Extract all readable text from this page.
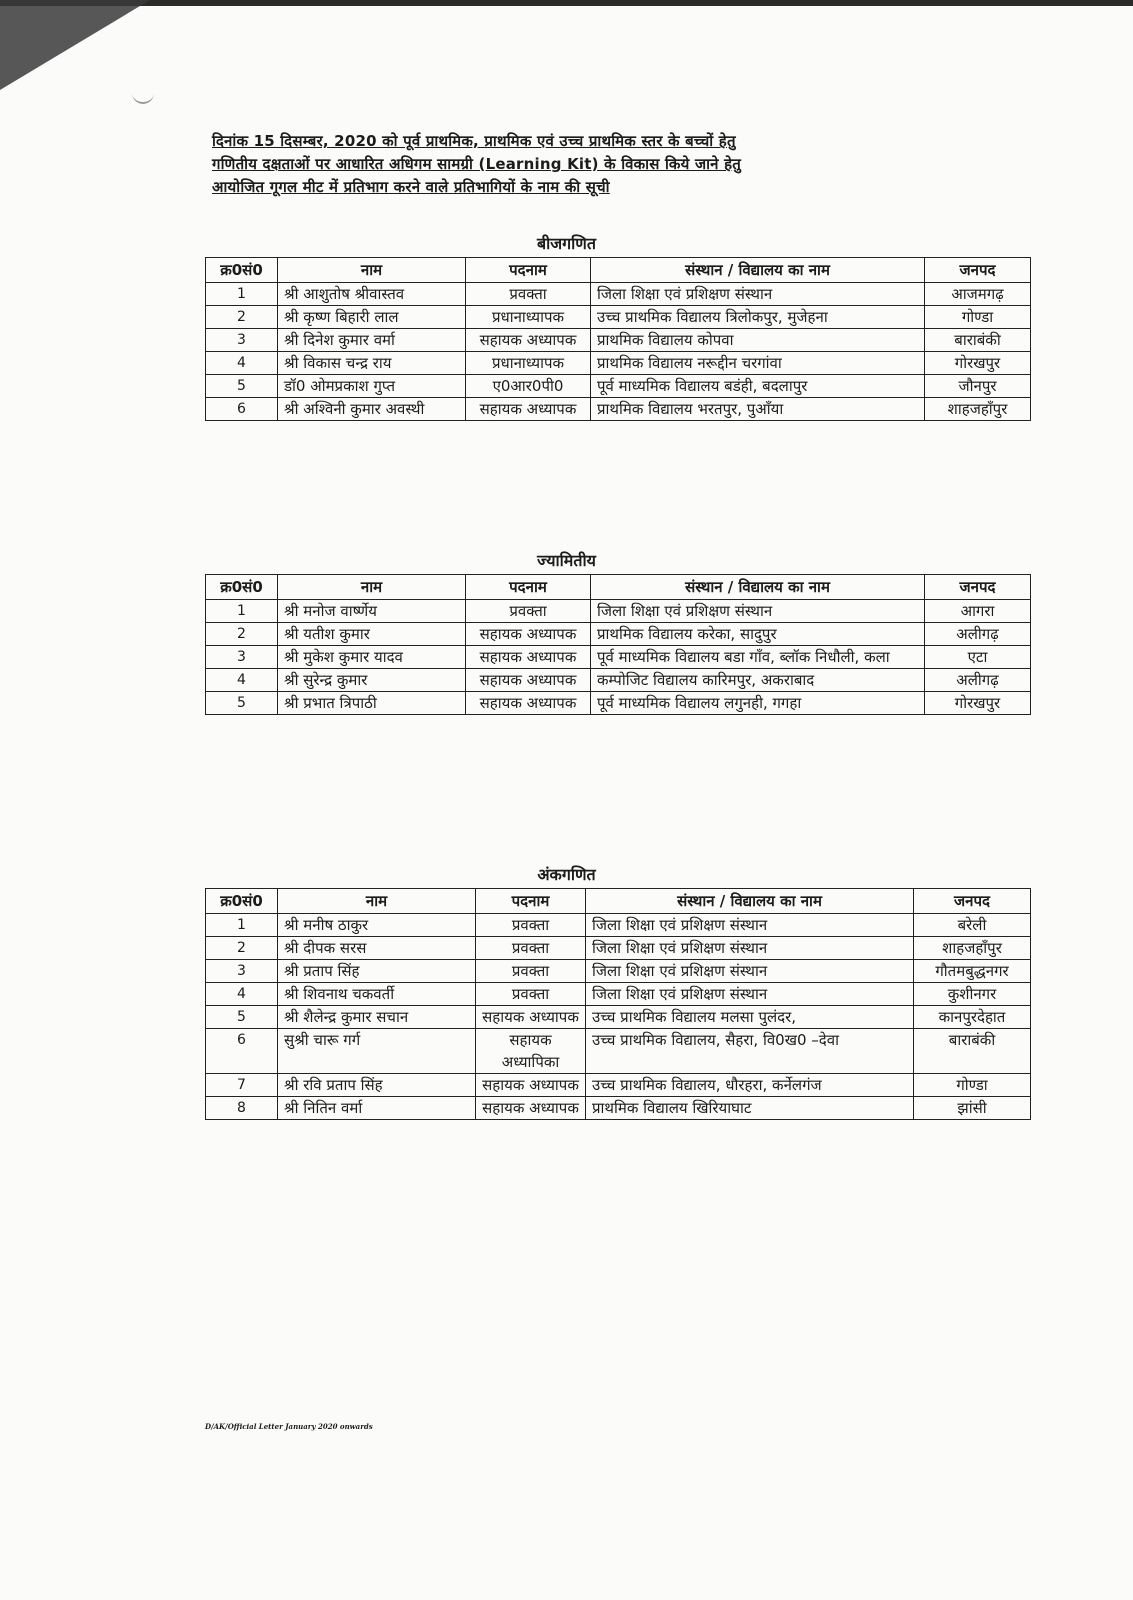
दिनांक 15 दिसम्बर, 2020 को पूर्व प्राथमिक, प्राथमिक एवं उच्च प्राथमिक स्तर के बच्चों हेतु
गणितीय दक्षताओं पर आधारित अधिगम सामग्री (Learning Kit) के विकास किये जाने हेतु
आयोजित गूगल मीट में प्रतिभाग करने वाले प्रतिभागियों के नाम की सूची
बीजगणित
क्र0सं0	नाम	पदनाम	संस्थान / विद्यालय का नाम	जनपद
1	श्री आशुतोष श्रीवास्तव	प्रवक्ता	जिला शिक्षा एवं प्रशिक्षण संस्थान	आजमगढ़
2	श्री कृष्ण बिहारी लाल	प्रधानाध्यापक	उच्च प्राथमिक विद्यालय त्रिलोकपुर, मुजेहना	गोण्डा
3	श्री दिनेश कुमार वर्मा	सहायक अध्यापक	प्राथमिक विद्यालय कोपवा	बाराबंकी
4	श्री विकास चन्द्र राय	प्रधानाध्यापक	प्राथमिक विद्यालय नरूद्दीन चरगांवा	गोरखपुर
5	डॉ0 ओमप्रकाश गुप्त	ए0आर0पी0	पूर्व माध्यमिक विद्यालय बडंही, बदलापुर	जौनपुर
6	श्री अश्विनी कुमार अवस्थी	सहायक अध्यापक	प्राथमिक विद्यालय भरतपुर, पुआँया	शाहजहाँपुर
ज्यामितीय
क्र0सं0	नाम	पदनाम	संस्थान / विद्यालय का नाम	जनपद
1	श्री मनोज वार्ष्णेय	प्रवक्ता	जिला शिक्षा एवं प्रशिक्षण संस्थान	आगरा
2	श्री यतीश कुमार	सहायक अध्यापक	प्राथमिक विद्यालय करेका, सादुपुर	अलीगढ़
3	श्री मुकेश कुमार यादव	सहायक अध्यापक	पूर्व माध्यमिक विद्यालय बडा गाँव, ब्लॉक निधौली, कला	एटा
4	श्री सुरेन्द्र कुमार	सहायक अध्यापक	कम्पोजिट विद्यालय कारिमपुर, अकराबाद	अलीगढ़
5	श्री प्रभात त्रिपाठी	सहायक अध्यापक	पूर्व माध्यमिक विद्यालय लगुनही, गगहा	गोरखपुर
अंकगणित
क्र0सं0	नाम	पदनाम	संस्थान / विद्यालय का नाम	जनपद
1	श्री मनीष ठाकुर	प्रवक्ता	जिला शिक्षा एवं प्रशिक्षण संस्थान	बरेली
2	श्री दीपक सरस	प्रवक्ता	जिला शिक्षा एवं प्रशिक्षण संस्थान	शाहजहाँपुर
3	श्री प्रताप सिंह	प्रवक्ता	जिला शिक्षा एवं प्रशिक्षण संस्थान	गौतमबुद्धनगर
4	श्री शिवनाथ चकवर्ती	प्रवक्ता	जिला शिक्षा एवं प्रशिक्षण संस्थान	कुशीनगर
5	श्री शैलेन्द्र कुमार सचान	सहायक अध्यापक	उच्च प्राथमिक विद्यालय मलसा पुलंदर,	कानपुरदेहात
6	सुश्री चारू गर्ग	सहायक अध्यापिका	उच्च प्राथमिक विद्यालय, सैहरा, वि0ख0 –देवा	बाराबंकी
7	श्री रवि प्रताप सिंह	सहायक अध्यापक	उच्च प्राथमिक विद्यालय, धौरहरा, कर्नेलगंज	गोण्डा
8	श्री नितिन वर्मा	सहायक अध्यापक	प्राथमिक विद्यालय खिरियाघाट	झांसी
D/AK/Official Letter January 2020 onwards
